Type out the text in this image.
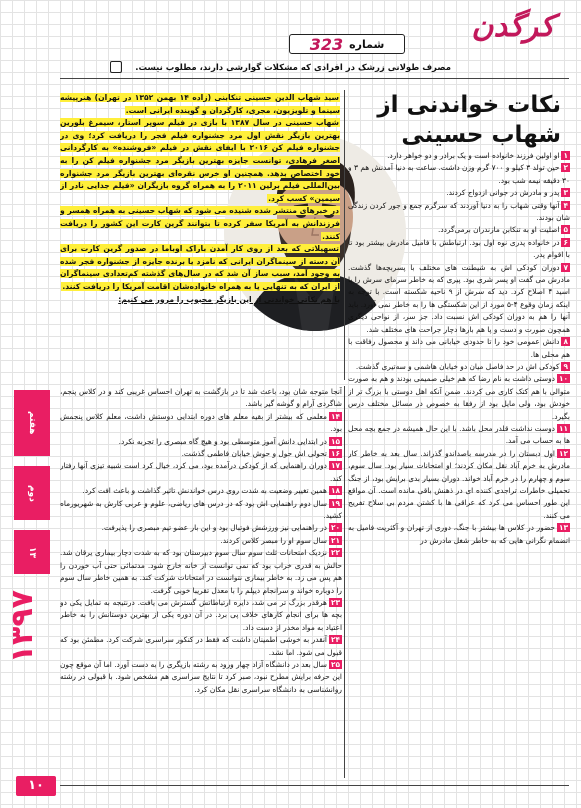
کرگدن
شماره
323
مصرف طولانی زرشک در افرادی که مشکلات گوارشی دارند، مطلوب نیست.
نکات خواندنی از شهاب حسینی

سید شهاب الدین حسینی تنکابنی (زاده ۱۴ بهمن ۱۳۵۲ در تهران) هنرپیشه سینما و تلویزیون، مجری، کارگردان و گوینده ایرانی است.

شهاب حسینی در سال ۱۳۸۷ با بازی در فیلم سوپر استار، سیمرغ بلورین بهترین بازیگر نقش اول مرد جشنواره فیلم فجر را دریافت کرد؛ وی در جشنواره فیلم کن ۲۰۱۶ با ایفای نقش در فیلم «فروشنده» به کارگردانی اصغر فرهادی، توانست جایزه بهترین بازیگر مرد جشنواره فیلم کن را به خود اختصاص بدهد. همچنین او خرس نقره‌ای بهترین بازیگر مرد جشنواره بین‌المللی فیلم برلین ۲۰۱۱ را به همراه گروه بازیگران «فیلم جدایی نادر از سیمین» کسب کرد.

در خبرهای منتشر شده شنیده می شود که شهاب حسینی به همراه همسر و فرزندانش به آمریکا سفر کرده تا بتوانند گرین کارت این کشور را دریافت کنند.

تسهیلاتی که بعد از روی کار آمدن باراک اوباما در صدور گرین کارت برای آن دسته از سینماگران ایرانی که نامزد یا برنده جایزه از جشنواره فجر شده به وجود آمد، سبب ساز آن شد که در سال‌های گذشته کم‌تعدادی سینماگران از ایران که به تنهایی یا به همراه خانواده‌شان اقامت آمریکا را دریافت کنند.

با هم نکاتی خواندنی از این بازیگر محبوب را مرور می کنیم:

۱او اولین فرزند خانواده است و یک برادر و دو خواهر دارد.

۲حین تولد ۳ کیلو و ۷۰۰ گرم وزن داشت. ساعت به دنیا آمدنش هم ۳ و ۳۰ دقیقه نیمه شب بود.

۳پدر و مادرش در جوانی ازدواج کردند.

۴آنها وقتی شهاب را به دنیا آوردند که سرگرم جمع و جور کردن زندگی شان بودند.

۵اصلیت او به تنکابن مازندران برمی‌گردد.

۶در خانواده پدری نوه اول بود. ارتباطش با فامیل مادرش بیشتر بود تا با اقوام پدر.

۷دوران کودکی اش به شیطنت های مختلف با پسربچه‌ها گذشت. مادرش می گفت او پسر شری بود. پیری که به خاطر سرمای سرش را با اسید ۴ اصلاح کرد. دید که سرش از ۹ ناحیه شکسته است. با توجه به اینکه زمان وقوع ۴-۵ مورد از این شکستگی ها را به خاطر نمی آورد. باید آنها را هم به دوران کودکی اش نسبت داد. جز سر، از نواحی دیگری همچون صورت و دست و پا هم بارها دچار جراحت های مختلف شد.

۸دانش عمومی خود را تا حدودی خیابانی می داند و محصول رفاقت با هم محلی ها.

۹کودکی اش در حد فاصل میان دو خیابان هاشمی و سه‌تیری گذشت.

۱۰دوستی داشت به نام رضا که هم خیلی صمیمی بودند و هم به صورت متوالی با هم کتک کاری می کردند. ضمن آنکه اهل دوستی با بزرگ تر از خودش بود، ولی مایل بود از رفقا به خصوص در مسائل مختلف درس بگیرد.

۱۱دوست نداشت قلدر محل باشد. با این حال همیشه در جمع بچه محل ها به حساب می آمد.

۱۲اول دبستان را در مدرسه باصداندو گذراند. سال بعد به خاطر کار مادرش به خرم آباد نقل مکان کردند؛ او امتحانات سیار بود. سال سوم، سوم و چهارم را در خرم آباد خواند. دوران بسیار بدی برایش بود، از جنگ تحمیلی خاطرات تراجدی کننده ای در ذهنش باقی مانده است. آن مواقع این طور احساس می کرد که عراقی ها با کشتن مردم بی سلاح تفریح می کنند.

۱۳حضور در کلاس ها بیشتر با جنگ، دوری از تهران و آکثریت فامیل به اتضمام نگرانی هایی که به خاطر شغل مادرش در

آنجا متوجه شان بود، باعث شد تا در بازگشت به تهران احساس غریبی کند و در کلاس پنجم، شاگردی آرام و گوشه گیر باشد.

۱۴معلمی که بیشتر از بقیه معلم های دوره ابتدایی دوستش داشت، معلم کلاس پنجمش بود.

۱۵در ابتدایی دانش آموز متوسطی بود و هیچ گاه مبصری را تجربه نکرد.

۱۶تحولی اش حول و حوش خیابان فاطمی گذشت.

۱۷دوران راهنمایی که از کودکی درآمده بود، می کرد، خیال کرد است شبیه تیزی آنها رفتار کند.

۱۸همین تغییر وضعیت به شدت روی درس خواندنش تاثیر گذاشت و باعث افت کرد.

۱۹سال دوم راهنمایی اش بود که در درس های ریاضی، علوم و عربی کارش به شهریورماه کشید.

۲۰در راهنمایی نیز ورزشش فوتبال بود و این بار عضو تیم مبصری را پذیرفت.

۲۱سال سوم او را مبصر کلاس کردند.

۲۲نزدیک امتحانات ثلث سوم سال سوم دبیرستان بود که به شدت دچار بیماری یرقان شد. حالش به قدری خراب بود که نمی توانست از خانه خارج شود. مدتمائی حتی آب خوردن را هم پس می زد. به خاطر بیماری نتوانست در امتحانات شرکت کند. به همین خاطر سال سوم را دوباره خواند و سرانجام دیپلم را با معدل تقریبا خوبی گرفت.

۲۳هرقدر بزرگ تر می شد، دایره ارتباطاتش گسترش می یافت. درنتیجه به تمایل یکی دو بچه ها برای انجام کارهای خلاف پی برد. در آن دوره یکی از بهترین دوستانش را به خاطر اعتیاد به مواد مخدر از دست داد.

۲۴آنقدر به خوشی اطمینان داشت که فقط در کنکور سراسری شرکت کرد. مطمئن بود که قبول می شود. اما نشد.

۲۵سال بعد در دانشگاه آزاد چهار ورود به رشته بازیگری را به دست آورد. اما آن موقع چون این حرفه برایش مطرح نبود، صبر کرد تا نتایج سراسری هم مشخص شود. با قبولی در رشته روانشناسی به دانشگاه سراسری نقل مکان کرد.

هفتم
دوم
۱۳
۱۳۹۷
۱۰
